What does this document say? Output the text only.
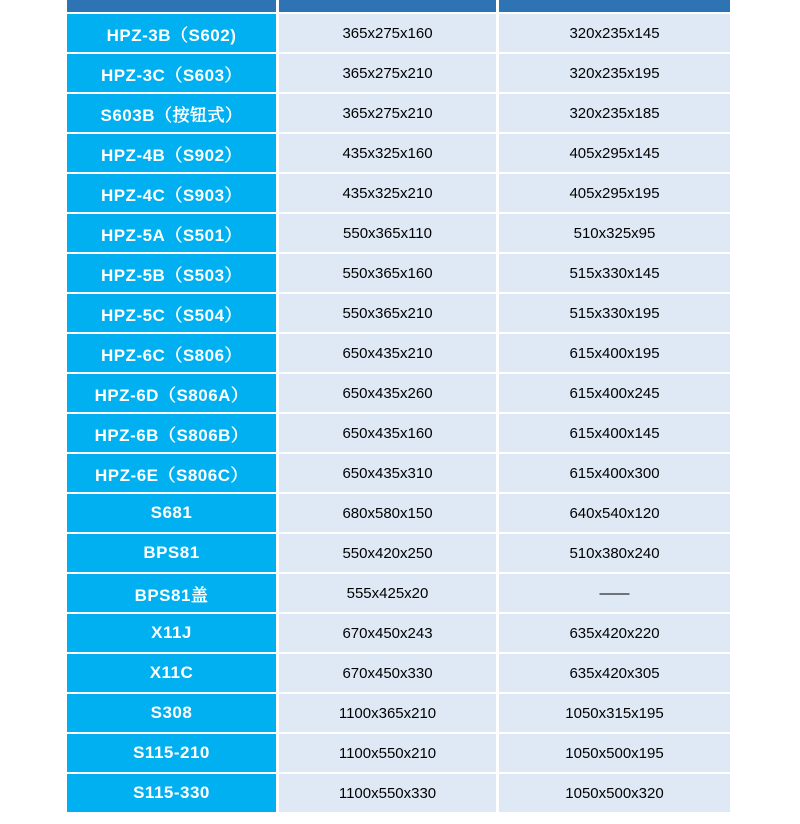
HPZ-3B（S602)	365x275x160	320x235x145
HPZ-3C（S603）	365x275x210	320x235x195
S603B（按钮式）	365x275x210	320x235x185
HPZ-4B（S902）	435x325x160	405x295x145
HPZ-4C（S903）	435x325x210	405x295x195
HPZ-5A（S501）	550x365x110	510x325x95
HPZ-5B（S503）	550x365x160	515x330x145
HPZ-5C（S504）	550x365x210	515x330x195
HPZ-6C（S806）	650x435x210	615x400x195
HPZ-6D（S806A）	650x435x260	615x400x245
HPZ-6B（S806B）	650x435x160	615x400x145
HPZ-6E（S806C）	650x435x310	615x400x300
S681	680x580x150	640x540x120
BPS81	550x420x250	510x380x240
BPS81盖	555x425x20	——
X11J	670x450x243	635x420x220
X11C	670x450x330	635x420x305
S308	1100x365x210	1050x315x195
S115-210	1100x550x210	1050x500x195
S115-330	1100x550x330	1050x500x320
